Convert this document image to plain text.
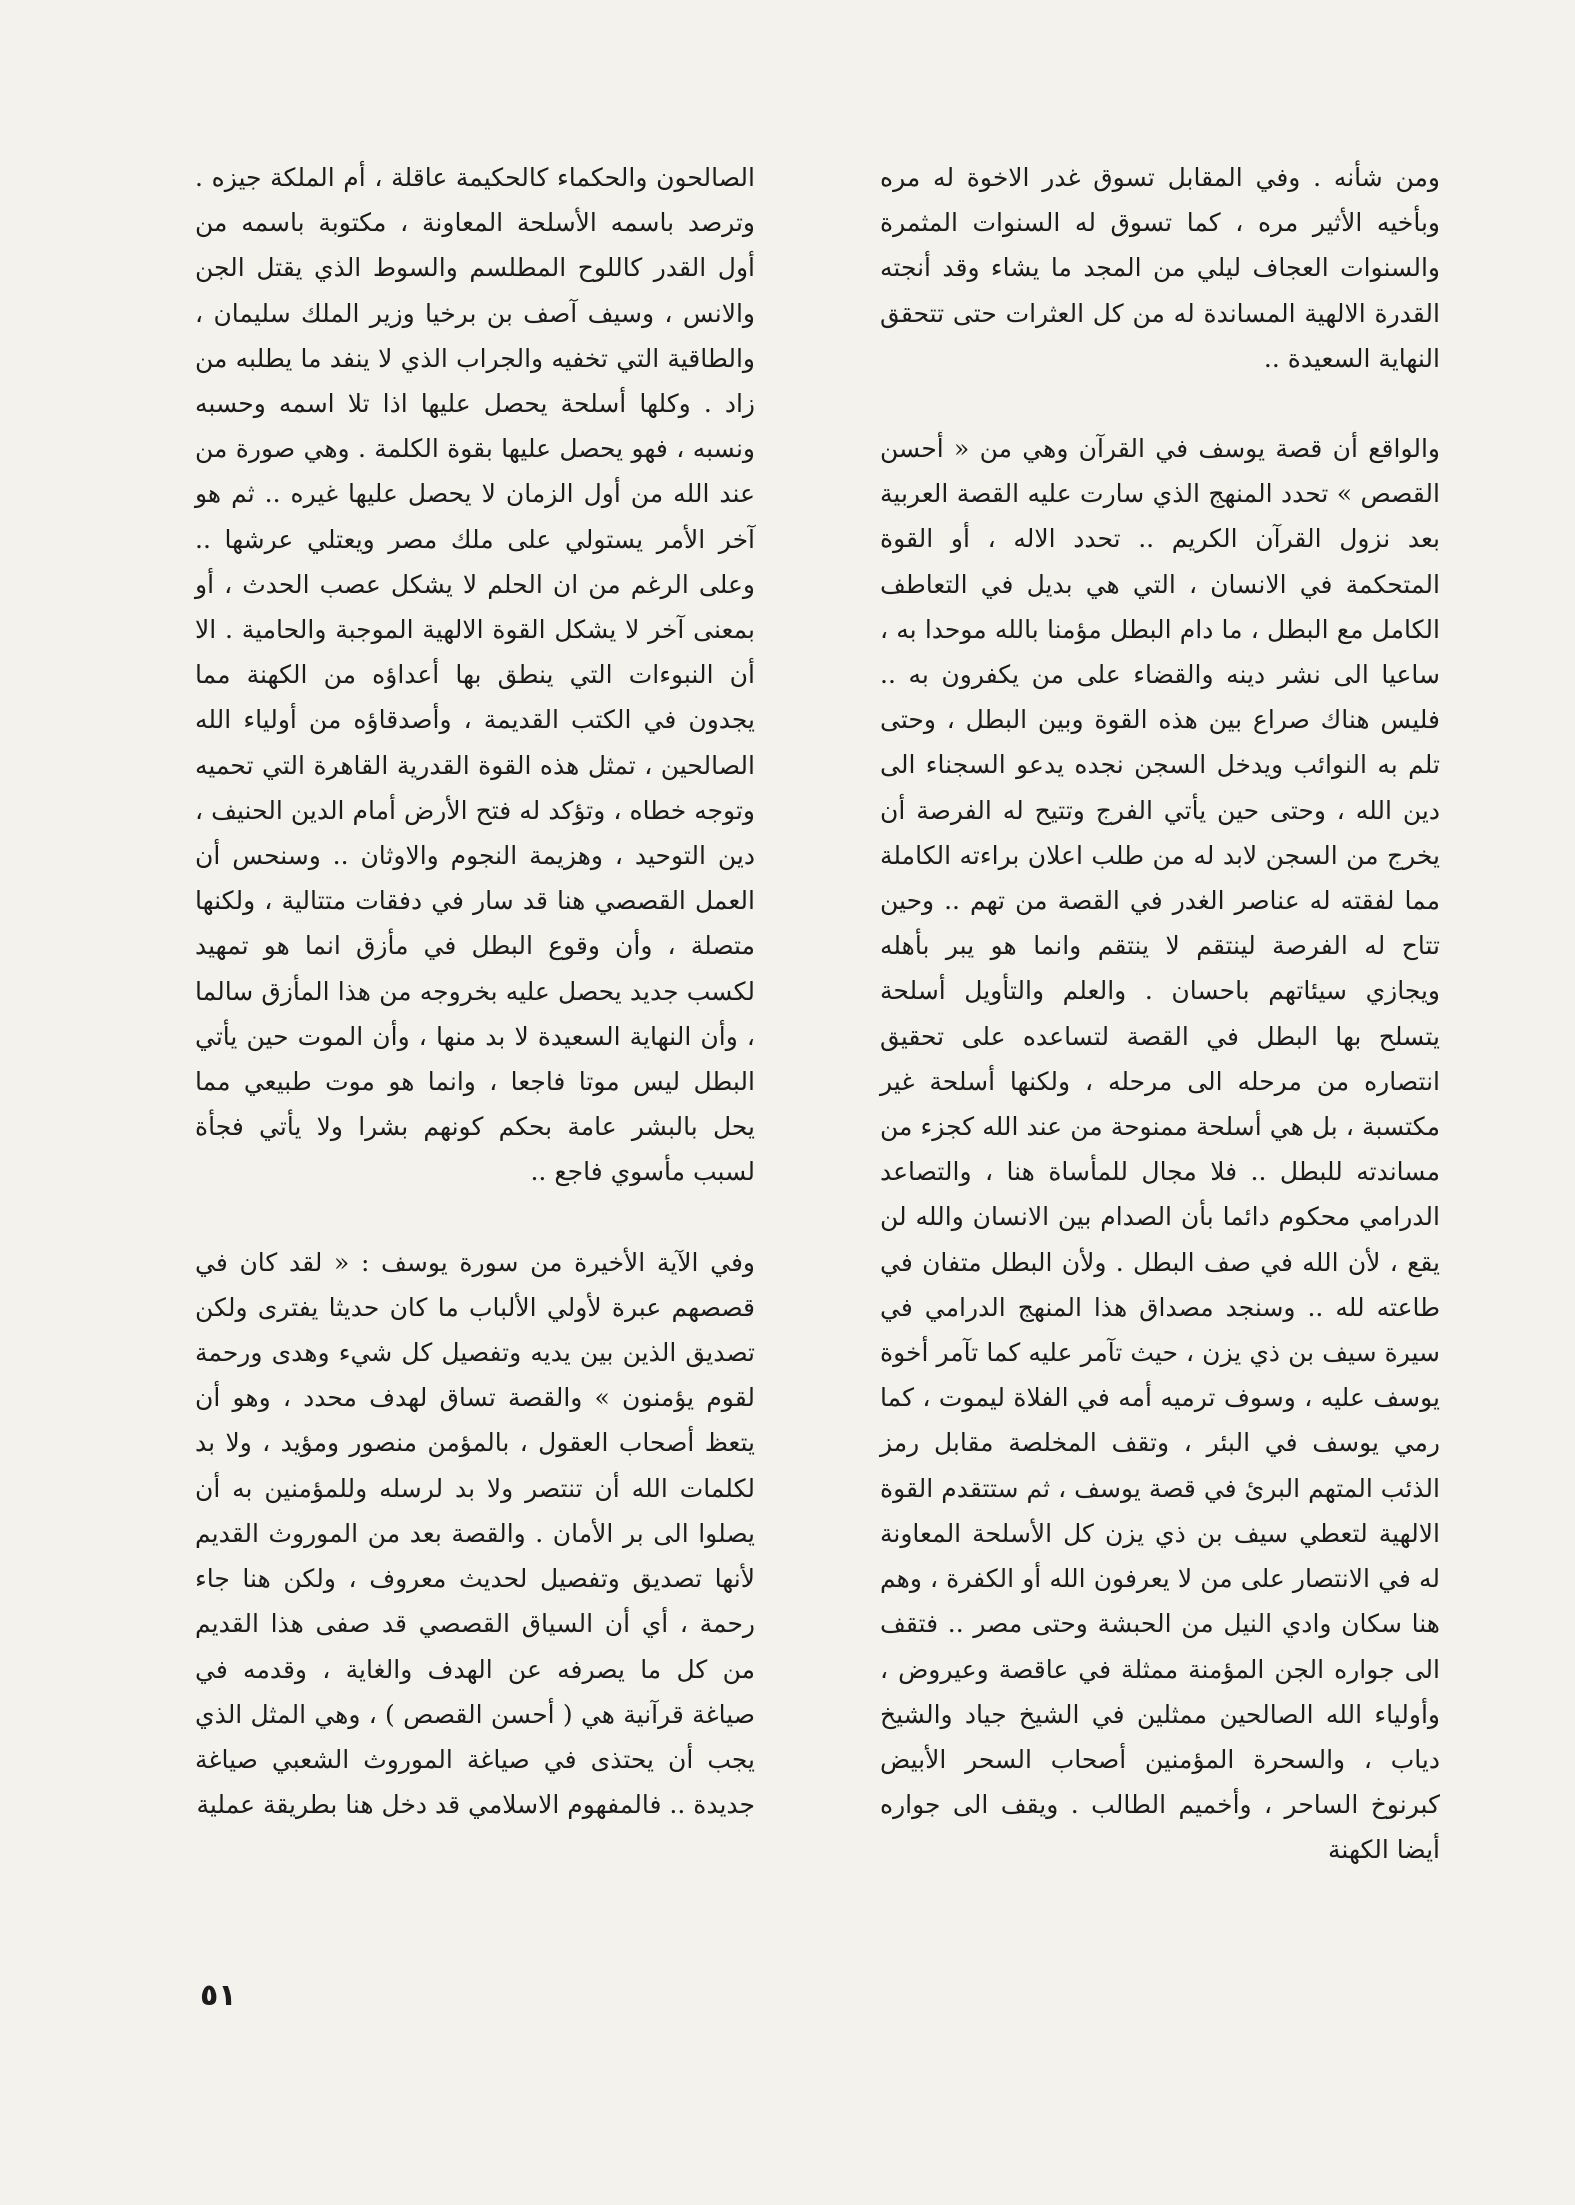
ومن شأنه . وفي المقابل تسوق غدر الاخوة له مره وبأخيه الأثير مره ، كما تسوق له السنوات المثمرة والسنوات العجاف ليلي من المجد ما يشاء وقد أنجته القدرة الالهية المساندة له من كل العثرات حتى تتحقق النهاية السعيدة ..

والواقع أن قصة يوسف في القرآن وهي من « أحسن القصص » تحدد المنهج الذي سارت عليه القصة العربية بعد نزول القرآن الكريم .. تحدد الاله ، أو القوة المتحكمة في الانسان ، التي هي بديل في التعاطف الكامل مع البطل ، ما دام البطل مؤمنا بالله موحدا به ، ساعيا الى نشر دينه والقضاء على من يكفرون به .. فليس هناك صراع بين هذه القوة وبين البطل ، وحتى تلم به النوائب ويدخل السجن نجده يدعو السجناء الى دين الله ، وحتى حين يأتي الفرج وتتيح له الفرصة أن يخرج من السجن لابد له من طلب اعلان براءته الكاملة مما لفقته له عناصر الغدر في القصة من تهم .. وحين تتاح له الفرصة لينتقم لا ينتقم وانما هو يبر بأهله ويجازي سيئاتهم باحسان . والعلم والتأويل أسلحة يتسلح بها البطل في القصة لتساعده على تحقيق انتصاره من مرحله الى مرحله ، ولكنها أسلحة غير مكتسبة ، بل هي أسلحة ممنوحة من عند الله كجزء من مساندته للبطل .. فلا مجال للمأساة هنا ، والتصاعد الدرامي محكوم دائما بأن الصدام بين الانسان والله لن يقع ، لأن الله في صف البطل . ولأن البطل متفان في طاعته لله .. وسنجد مصداق هذا المنهج الدرامي في سيرة سيف بن ذي يزن ، حيث تآمر عليه كما تآمر أخوة يوسف عليه ، وسوف ترميه أمه في الفلاة ليموت ، كما رمي يوسف في البئر ، وتقف المخلصة مقابل رمز الذئب المتهم البرئ في قصة يوسف ، ثم ستتقدم القوة الالهية لتعطي سيف بن ذي يزن كل الأسلحة المعاونة له في الانتصار على من لا يعرفون الله أو الكفرة ، وهم هنا سكان وادي النيل من الحبشة وحتى مصر .. فتقف الى جواره الجن المؤمنة ممثلة في عاقصة وعيروض ، وأولياء الله الصالحين ممثلين في الشيخ جياد والشيخ دياب ، والسحرة المؤمنين أصحاب السحر الأبيض كبرنوخ الساحر ، وأخميم الطالب . ويقف الى جواره أيضا الكهنة

الصالحون والحكماء كالحكيمة عاقلة ، أم الملكة جيزه . وترصد باسمه الأسلحة المعاونة ، مكتوبة باسمه من أول القدر كاللوح المطلسم والسوط الذي يقتل الجن والانس ، وسيف آصف بن برخيا وزير الملك سليمان ، والطاقية التي تخفيه والجراب الذي لا ينفد ما يطلبه من زاد . وكلها أسلحة يحصل عليها اذا تلا اسمه وحسبه ونسبه ، فهو يحصل عليها بقوة الكلمة . وهي صورة من عند الله من أول الزمان لا يحصل عليها غيره .. ثم هو آخر الأمر يستولي على ملك مصر ويعتلي عرشها .. وعلى الرغم من ان الحلم لا يشكل عصب الحدث ، أو بمعنى آخر لا يشكل القوة الالهية الموجبة والحامية . الا أن النبوءات التي ينطق بها أعداؤه من الكهنة مما يجدون في الكتب القديمة ، وأصدقاؤه من أولياء الله الصالحين ، تمثل هذه القوة القدرية القاهرة التي تحميه وتوجه خطاه ، وتؤكد له فتح الأرض أمام الدين الحنيف ، دين التوحيد ، وهزيمة النجوم والاوثان .. وسنحس أن العمل القصصي هنا قد سار في دفقات متتالية ، ولكنها متصلة ، وأن وقوع البطل في مأزق انما هو تمهيد لكسب جديد يحصل عليه بخروجه من هذا المأزق سالما ، وأن النهاية السعيدة لا بد منها ، وأن الموت حين يأتي البطل ليس موتا فاجعا ، وانما هو موت طبيعي مما يحل بالبشر عامة بحكم كونهم بشرا ولا يأتي فجأة لسبب مأسوي فاجع ..

وفي الآية الأخيرة من سورة يوسف : « لقد كان في قصصهم عبرة لأولي الألباب ما كان حديثا يفترى ولكن تصديق الذين بين يديه وتفصيل كل شيء وهدى ورحمة لقوم يؤمنون » والقصة تساق لهدف محدد ، وهو أن يتعظ أصحاب العقول ، بالمؤمن منصور ومؤيد ، ولا بد لكلمات الله أن تنتصر ولا بد لرسله وللمؤمنين به أن يصلوا الى بر الأمان . والقصة بعد من الموروث القديم لأنها تصديق وتفصيل لحديث معروف ، ولكن هنا جاء رحمة ، أي أن السياق القصصي قد صفى هذا القديم من كل ما يصرفه عن الهدف والغاية ، وقدمه في صياغة قرآنية هي ( أحسن القصص ) ، وهي المثل الذي يجب أن يحتذى في صياغة الموروث الشعبي صياغة جديدة .. فالمفهوم الاسلامي قد دخل هنا بطريقة عملية

٥١
